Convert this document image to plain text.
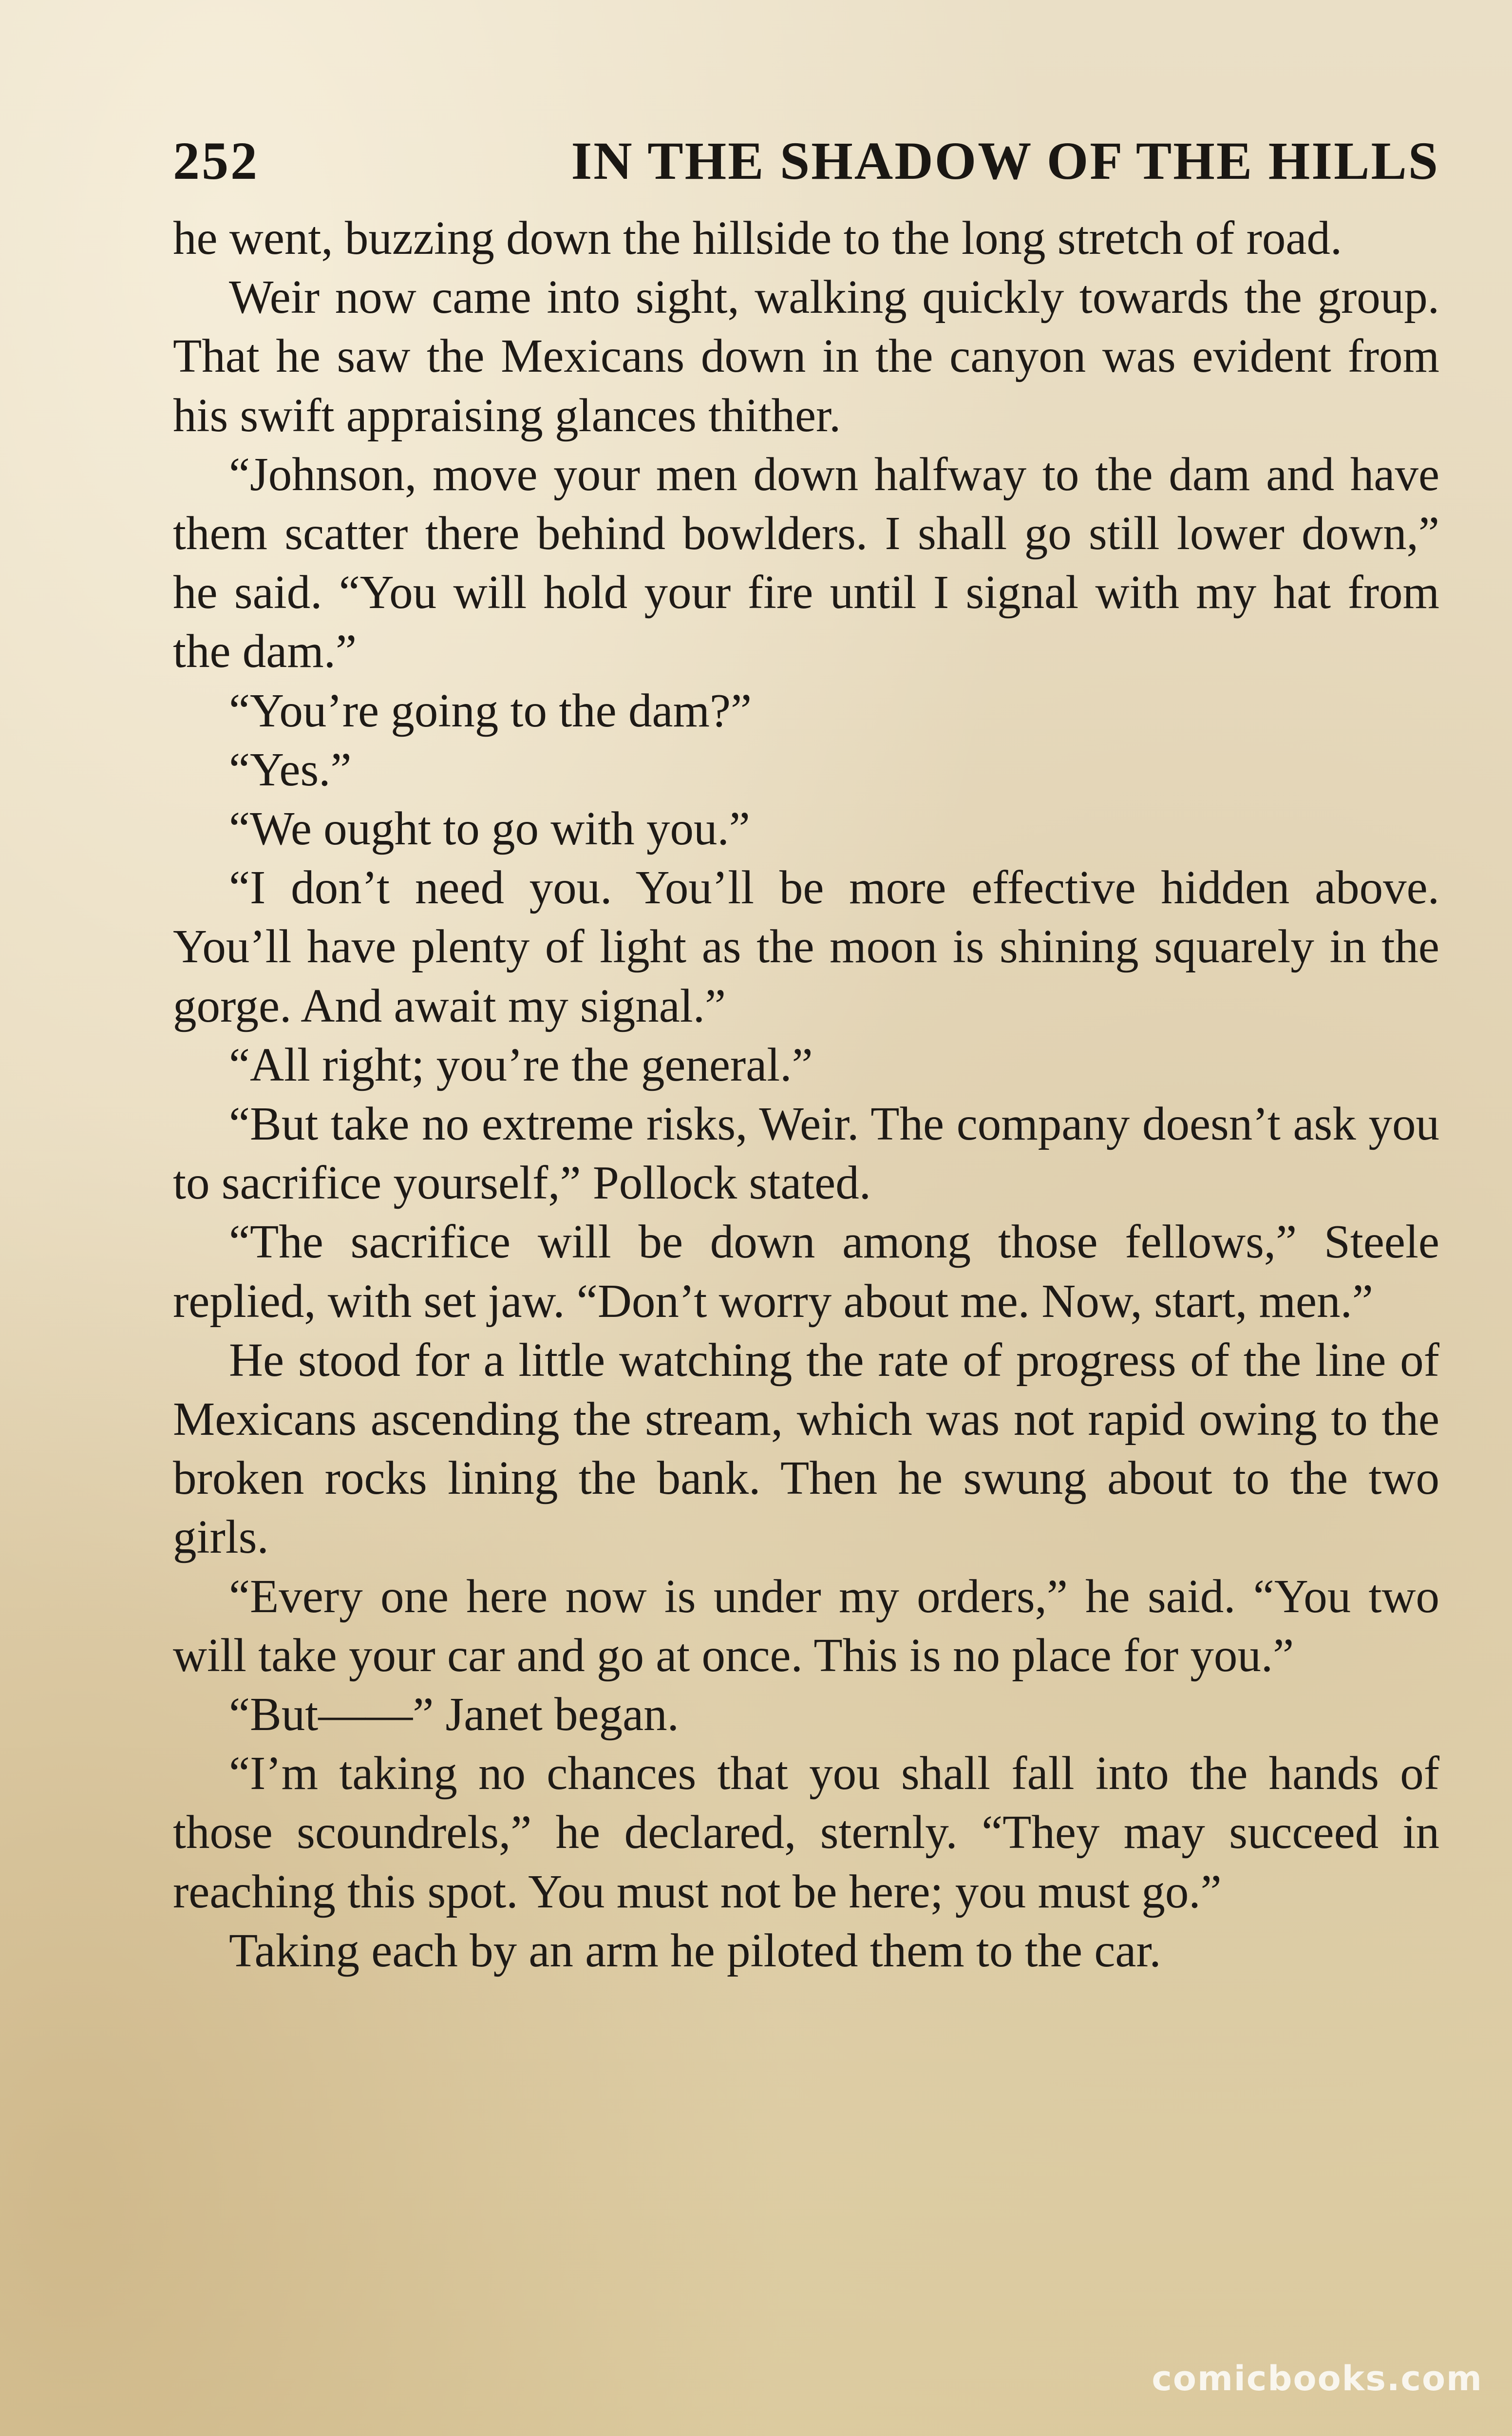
252	IN THE SHADOW OF THE HILLS

he went, buzzing down the hillside to the long stretch of road.

Weir now came into sight, walking quickly towards the group. That he saw the Mexicans down in the canyon was evident from his swift appraising glances thither.

“Johnson, move your men down halfway to the dam and have them scatter there behind bowlders. I shall go still lower down,” he said. “You will hold your fire until I signal with my hat from the dam.”

“You’re going to the dam?”

“Yes.”

“We ought to go with you.”

“I don’t need you. You’ll be more effective hidden above. You’ll have plenty of light as the moon is shining squarely in the gorge. And await my signal.”

“All right; you’re the general.”

“But take no extreme risks, Weir. The company doesn’t ask you to sacrifice yourself,” Pollock stated.

“The sacrifice will be down among those fellows,” Steele replied, with set jaw. “Don’t worry about me. Now, start, men.”

He stood for a little watching the rate of progress of the line of Mexicans ascending the stream, which was not rapid owing to the broken rocks lining the bank. Then he swung about to the two girls.

“Every one here now is under my orders,” he said. “You two will take your car and go at once. This is no place for you.”

“But——” Janet began.

“I’m taking no chances that you shall fall into the hands of those scoundrels,” he declared, sternly. “They may succeed in reaching this spot. You must not be here; you must go.”

Taking each by an arm he piloted them to the car.

comicbooks.com
